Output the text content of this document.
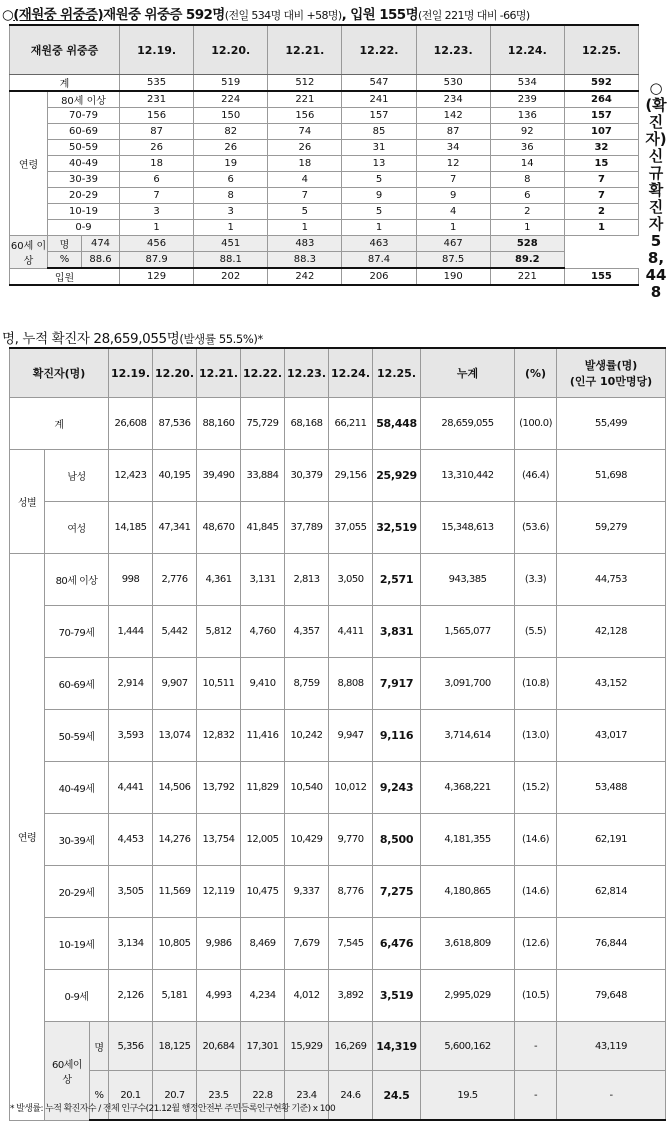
○(재원중 위중증)재원중 위중증 592명(전일 534명 대비 +58명), 입원 155명(전일 221명 대비 -66명)
재원중 위중증			12.19.	12.20.	12.21.	12.22.	12.23.	12.24.	12.25.
계			535	519	512	547	530	534	592
연령	80세 이상		231	224	221	241	234	239	264
	70-79		156	150	156	157	142	136	157
	60-69		87	82	74	85	87	92	107
	50-59		26	26	26	31	34	36	32
	40-49		18	19	18	13	12	14	15
	30-39		6	6	4	5	7	8	7
	20-29		7	8	7	9	9	6	7
	10-19		3	3	5	5	4	2	2
	0-9		1	1	1	1	1	1	1
60세 이
상	명	474	456	451	483	463	467	528	
	%	88.6	87.9	88.1	88.3	87.4	87.5	89.2	
입원			129	202	242	206	190	221	155
○(확진자)신규확진자58,448
명, 누적 확진자 28,659,055명(발생률 55.5%)*
확진자(명)			12.19.	12.20.	12.21.	12.22.	12.23.	12.24.	12.25.	누계	(%)	발생률(명)
(인구 10만명당)
계			26,608	87,536	88,160	75,729	68,168	66,211	58,448	28,659,055	(100.0)	55,499
성별	남성		12,423	40,195	39,490	33,884	30,379	29,156	25,929	13,310,442	(46.4)	51,698
	여성		14,185	47,341	48,670	41,845	37,789	37,055	32,519	15,348,613	(53.6)	59,279
연령	80세 이상		998	2,776	4,361	3,131	2,813	3,050	2,571	943,385	(3.3)	44,753
	70-79세		1,444	5,442	5,812	4,760	4,357	4,411	3,831	1,565,077	(5.5)	42,128
	60-69세		2,914	9,907	10,511	9,410	8,759	8,808	7,917	3,091,700	(10.8)	43,152
	50-59세		3,593	13,074	12,832	11,416	10,242	9,947	9,116	3,714,614	(13.0)	43,017
	40-49세		4,441	14,506	13,792	11,829	10,540	10,012	9,243	4,368,221	(15.2)	53,488
	30-39세		4,453	14,276	13,754	12,005	10,429	9,770	8,500	4,181,355	(14.6)	62,191
	20-29세		3,505	11,569	12,119	10,475	9,337	8,776	7,275	4,180,865	(14.6)	62,814
	10-19세		3,134	10,805	9,986	8,469	7,679	7,545	6,476	3,618,809	(12.6)	76,844
	0-9세		2,126	5,181	4,993	4,234	4,012	3,892	3,519	2,995,029	(10.5)	79,648
	60세이
상	명	5,356	18,125	20,684	17,301	15,929	16,269	14,319	5,600,162	-	43,119
		%	20.1	20.7	23.5	22.8	23.4	24.6	24.5	19.5	-	-
* 발생률: 누적 확진자수 / 전체 인구수(21.12월 행정안전부 주민등록인구현황 기준) x 100
